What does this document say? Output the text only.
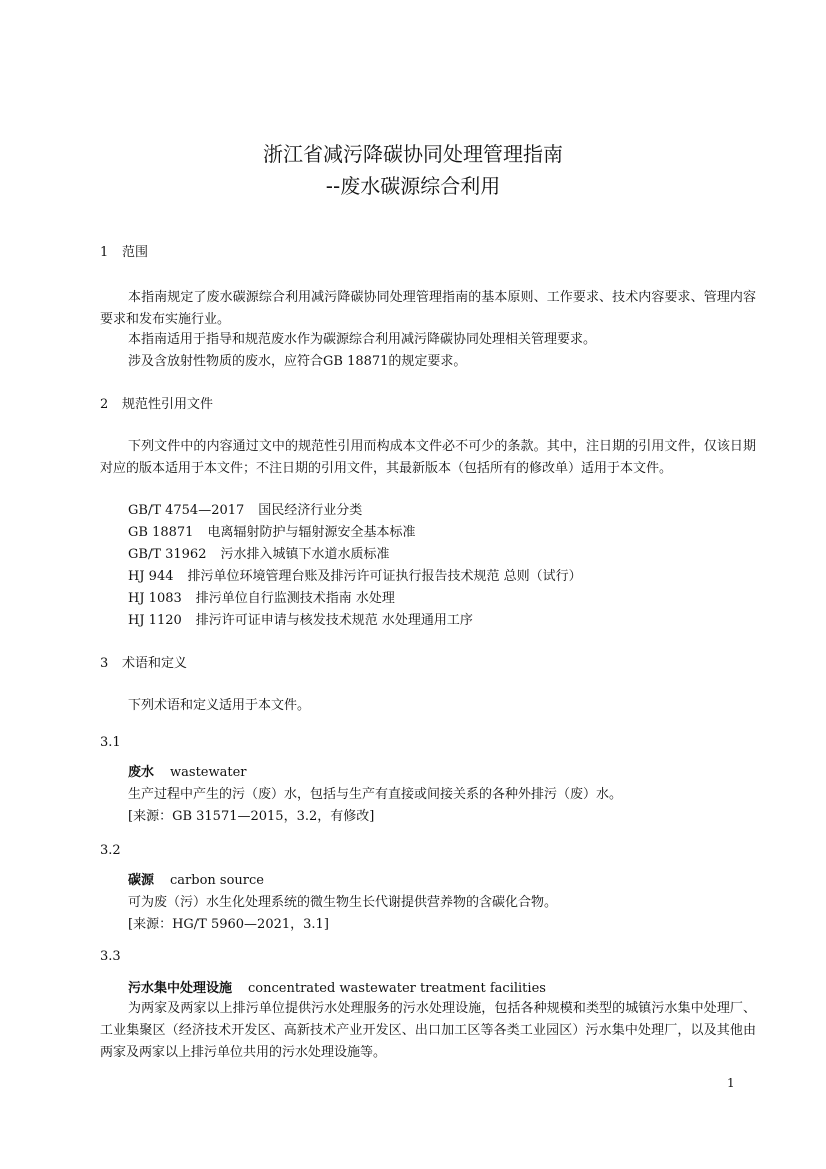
浙江省减污降碳协同处理管理指南
--废水碳源综合利用
1 范围

本指南规定了废水碳源综合利用减污降碳协同处理管理指南的基本原则、工作要求、技术内容要求、管理内容要求和发布实施行业。

本指南适用于指导和规范废水作为碳源综合利用减污降碳协同处理相关管理要求。

涉及含放射性物质的废水，应符合GB 18871的规定要求。

2 规范性引用文件

下列文件中的内容通过文中的规范性引用而构成本文件必不可少的条款。其中，注日期的引用文件，仅该日期对应的版本适用于本文件；不注日期的引用文件，其最新版本（包括所有的修改单）适用于本文件。

GB/T 4754—2017 国民经济行业分类
GB 18871 电离辐射防护与辐射源安全基本标准
GB/T 31962 污水排入城镇下水道水质标准
HJ 944 排污单位环境管理台账及排污许可证执行报告技术规范 总则（试行）
HJ 1083 排污单位自行监测技术指南 水处理
HJ 1120 排污许可证申请与核发技术规范 水处理通用工序
3 术语和定义

下列术语和定义适用于本文件。

3.1
废水 wastewater
生产过程中产生的污（废）水，包括与生产有直接或间接关系的各种外排污（废）水。
[来源：GB 31571—2015，3.2，有修改]
3.2
碳源 carbon source
可为废（污）水生化处理系统的微生物生长代谢提供营养物的含碳化合物。
[来源：HG/T 5960—2021，3.1]
3.3
污水集中处理设施 concentrated wastewater treatment facilities

为两家及两家以上排污单位提供污水处理服务的污水处理设施，包括各种规模和类型的城镇污水集中处理厂、工业集聚区（经济技术开发区、高新技术产业开发区、出口加工区等各类工业园区）污水集中处理厂，以及其他由两家及两家以上排污单位共用的污水处理设施等。

1
